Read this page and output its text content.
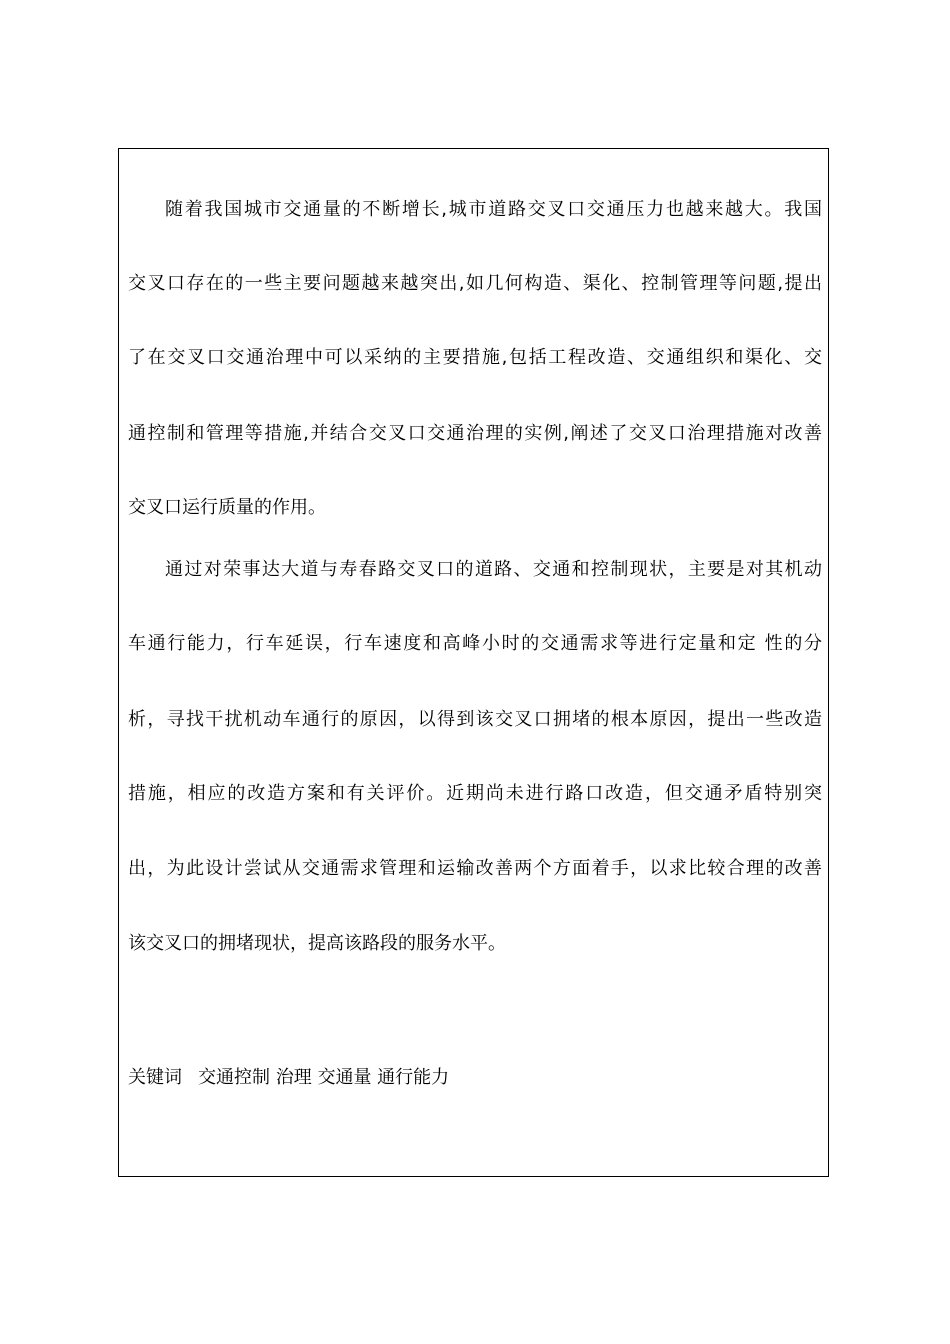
随着我国城市交通量的不断增长,城市道路交叉口交通压力也越来越大。我国
交叉口存在的一些主要问题越来越突出,如几何构造、渠化、控制管理等问题,提出
了在交叉口交通治理中可以采纳的主要措施,包括工程改造、交通组织和渠化、交
通控制和管理等措施,并结合交叉口交通治理的实例,阐述了交叉口治理措施对改善
交叉口运行质量的作用。
通过对荣事达大道与寿春路交叉口的道路、交通和控制现状，主要是对其机动
车通行能力，行车延误，行车速度和高峰小时的交通需求等进行定量和定 性的分
析，寻找干扰机动车通行的原因，以得到该交叉口拥堵的根本原因，提出一些改造
措施，相应的改造方案和有关评价。近期尚未进行路口改造，但交通矛盾特别突
出，为此设计尝试从交通需求管理和运输改善两个方面着手，以求比较合理的改善
该交叉口的拥堵现状，提高该路段的服务水平。
关键词 交通控制 治理 交通量 通行能力
